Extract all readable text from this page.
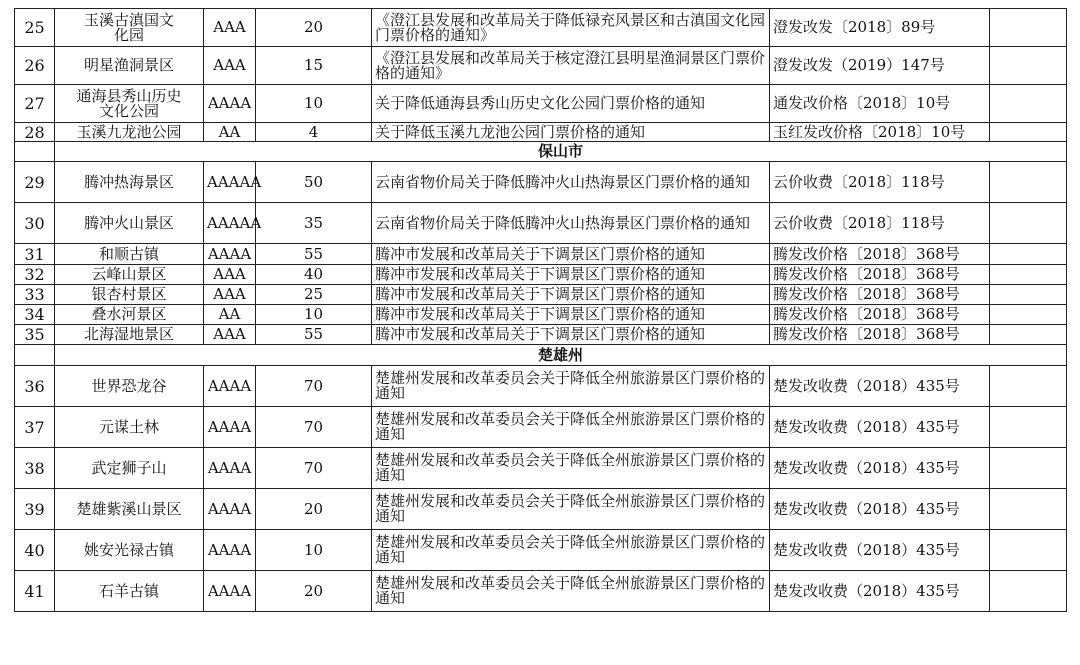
25	玉溪古滇国文化园	AAA	20	《澄江县发展和改革局关于降低禄充风景区和古滇国文化园门票价格的通知》	澄发改发〔2018〕89号	
26	明星渔洞景区	AAA	15	《澄江县发展和改革局关于核定澄江县明星渔洞景区门票价格的通知》	澄发改发（2019）147号	
27	通海县秀山历史文化公园	AAAA	10	关于降低通海县秀山历史文化公园门票价格的通知	通发改价格〔2018〕10号	
28	玉溪九龙池公园	AA	4	关于降低玉溪九龙池公园门票价格的通知	玉红发改价格〔2018〕10号	
	保山市					
29	腾冲热海景区	AAAAA	50	云南省物价局关于降低腾冲火山热海景区门票价格的通知	云价收费〔2018〕118号	
30	腾冲火山景区	AAAAA	35	云南省物价局关于降低腾冲火山热海景区门票价格的通知	云价收费〔2018〕118号	
31	和顺古镇	AAAA	55	腾冲市发展和改革局关于下调景区门票价格的通知	腾发改价格〔2018〕368号	
32	云峰山景区	AAA	40	腾冲市发展和改革局关于下调景区门票价格的通知	腾发改价格〔2018〕368号	
33	银杏村景区	AAA	25	腾冲市发展和改革局关于下调景区门票价格的通知	腾发改价格〔2018〕368号	
34	叠水河景区	AA	10	腾冲市发展和改革局关于下调景区门票价格的通知	腾发改价格〔2018〕368号	
35	北海湿地景区	AAA	55	腾冲市发展和改革局关于下调景区门票价格的通知	腾发改价格〔2018〕368号	
	楚雄州					
36	世界恐龙谷	AAAA	70	楚雄州发展和改革委员会关于降低全州旅游景区门票价格的通知	楚发改收费（2018）435号	
37	元谋土林	AAAA	70	楚雄州发展和改革委员会关于降低全州旅游景区门票价格的通知	楚发改收费（2018）435号	
38	武定狮子山	AAAA	70	楚雄州发展和改革委员会关于降低全州旅游景区门票价格的通知	楚发改收费（2018）435号	
39	楚雄紫溪山景区	AAAA	20	楚雄州发展和改革委员会关于降低全州旅游景区门票价格的通知	楚发改收费（2018）435号	
40	姚安光禄古镇	AAAA	10	楚雄州发展和改革委员会关于降低全州旅游景区门票价格的通知	楚发改收费（2018）435号	
41	石羊古镇	AAAA	20	楚雄州发展和改革委员会关于降低全州旅游景区门票价格的通知	楚发改收费（2018）435号	
